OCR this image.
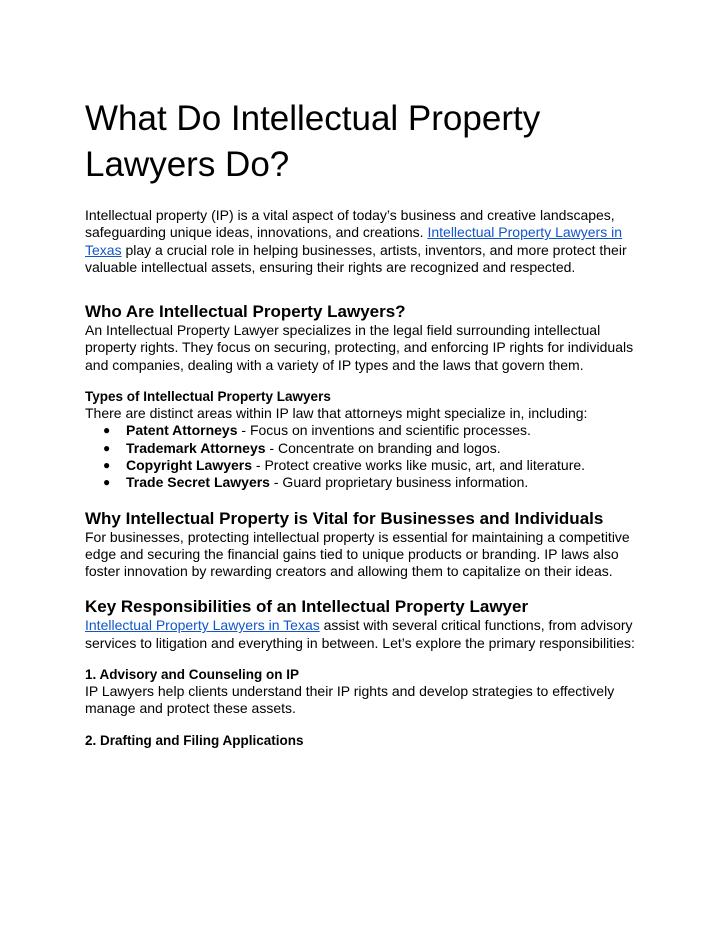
What Do Intellectual Property Lawyers Do?

Intellectual property (IP) is a vital aspect of today’s business and creative landscapes, safeguarding unique ideas, innovations, and creations. Intellectual Property Lawyers in Texas play a crucial role in helping businesses, artists, inventors, and more protect their valuable intellectual assets, ensuring their rights are recognized and respected.

Who Are Intellectual Property Lawyers?

An Intellectual Property Lawyer specializes in the legal field surrounding intellectual property rights. They focus on securing, protecting, and enforcing IP rights for individuals and companies, dealing with a variety of IP types and the laws that govern them.

Types of Intellectual Property Lawyers

There are distinct areas within IP law that attorneys might specialize in, including:

● Patent Attorneys - Focus on inventions and scientific processes.
● Trademark Attorneys - Concentrate on branding and logos.
● Copyright Lawyers - Protect creative works like music, art, and literature.
● Trade Secret Lawyers - Guard proprietary business information.
Why Intellectual Property is Vital for Businesses and Individuals

For businesses, protecting intellectual property is essential for maintaining a competitive edge and securing the financial gains tied to unique products or branding. IP laws also foster innovation by rewarding creators and allowing them to capitalize on their ideas.

Key Responsibilities of an Intellectual Property Lawyer

Intellectual Property Lawyers in Texas assist with several critical functions, from advisory services to litigation and everything in between. Let’s explore the primary responsibilities:

1. Advisory and Counseling on IP

IP Lawyers help clients understand their IP rights and develop strategies to effectively manage and protect these assets.

2. Drafting and Filing Applications
